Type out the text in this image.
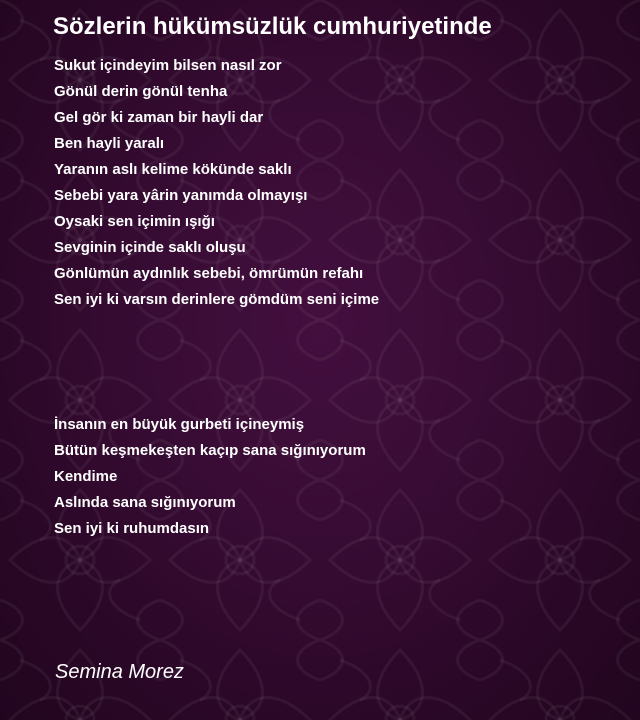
Sözlerin hükümsüzlük cumhuriyetinde
Sukut içindeyim bilsen nasıl zor
Gönül derin gönül tenha
Gel gör ki zaman bir hayli dar
Ben hayli yaralı
Yaranın aslı kelime kökünde saklı
Sebebi yara yârin yanımda olmayışı
Oysaki sen içimin ışığı
Sevginin içinde saklı oluşu
Gönlümün aydınlık sebebi, ömrümün refahı
Sen iyi ki varsın derinlere gömdüm seni içime
İnsanın en büyük gurbeti içineymiş
Bütün keşmekeşten kaçıp sana sığınıyorum
Kendime
Aslında sana sığınıyorum
Sen iyi ki ruhumdasın
Semina Morez
